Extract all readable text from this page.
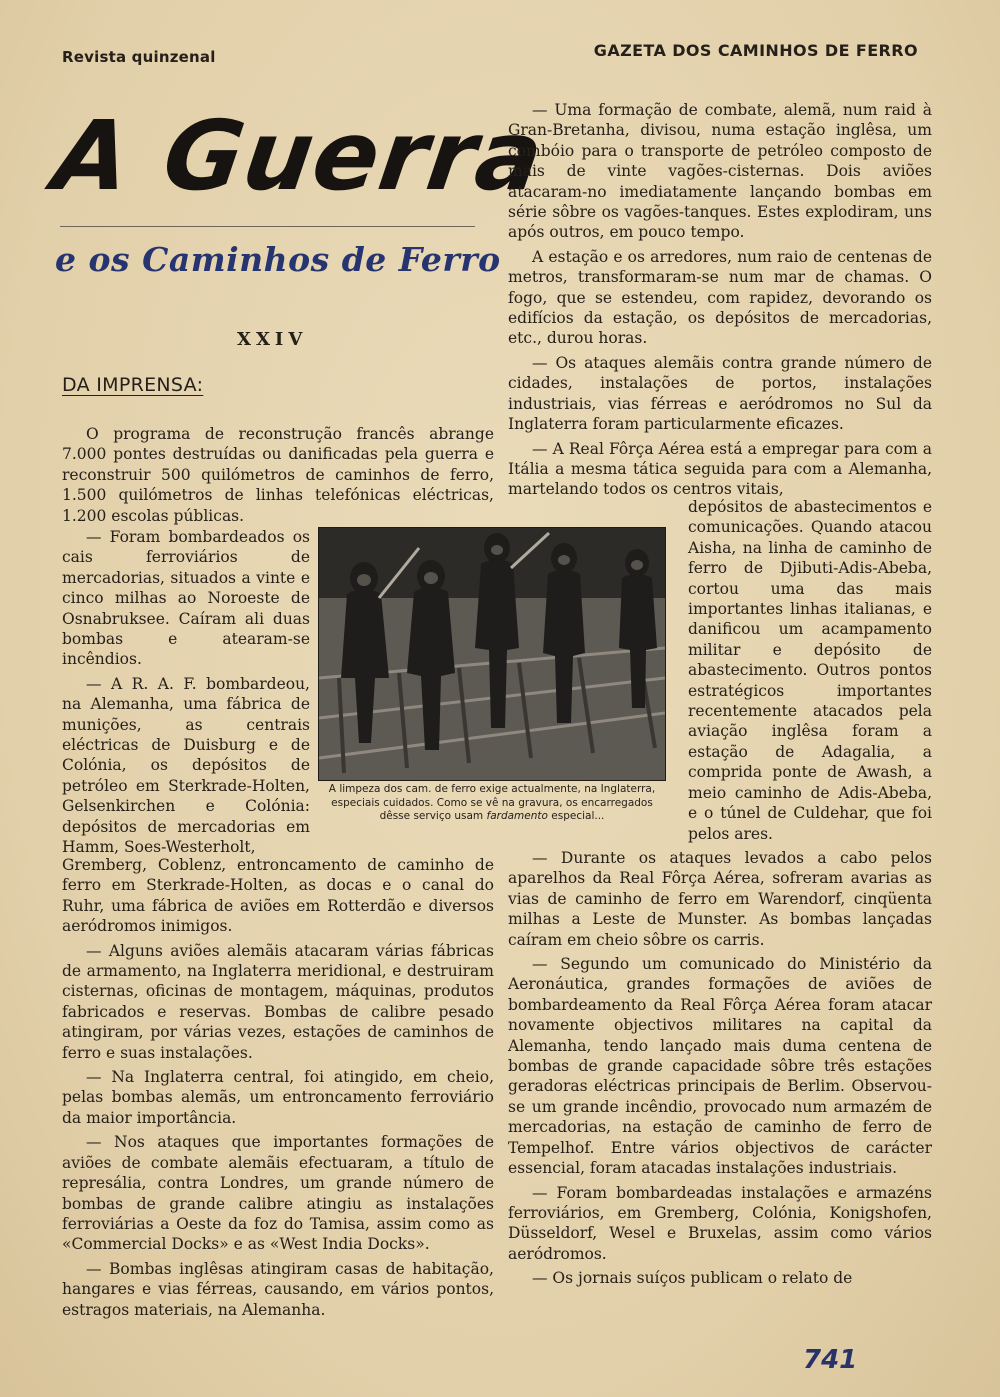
Revista quinzenal	GAZETA DOS CAMINHOS DE FERRO
A Guerra
e os Caminhos de Ferro
XXIV
DA IMPRENSA:

O programa de reconstrução francês abrange 7.000 pontes destruídas ou danificadas pela guerra e reconstruir 500 quilómetros de caminhos de ferro, 1.500 quilómetros de linhas telefónicas eléctricas, 1.200 escolas públicas.

— Foram bombardeados os cais ferroviários de mercadorias, situados a vinte e cinco milhas ao Noroeste de Osnabruksee. Caíram ali duas bombas e atearam-se incêndios.

— A R. A. F. bombardeou, na Alemanha, uma fábrica de munições, as centrais eléctricas de Duisburg e de Colónia, os depósitos de petróleo em Sterkrade-Holten, Gelsenkirchen e Colónia: depósitos de mercadorias em Hamm, Soes-Westerholt,

Gremberg, Coblenz, entroncamento de caminho de ferro em Sterkrade-Holten, as docas e o canal do Ruhr, uma fábrica de aviões em Rotterdão e diversos aeródromos inimigos.

— Alguns aviões alemãis atacaram várias fábricas de armamento, na Inglaterra meridional, e destruiram cisternas, oficinas de montagem, máquinas, produtos fabricados e reservas. Bombas de calibre pesado atingiram, por várias vezes, estações de caminhos de ferro e suas instalações.

— Na Inglaterra central, foi atingido, em cheio, pelas bombas alemãs, um entroncamento ferroviário da maior importância.

— Nos ataques que importantes formações de aviões de combate alemãis efectuaram, a título de represália, contra Londres, um grande número de bombas de grande calibre atingiu as instalações ferroviárias a Oeste da foz do Tamisa, assim como as «Commercial Docks» e as «West India Docks».

— Bombas inglêsas atingiram casas de habitação, hangares e vias férreas, causando, em vários pontos, estragos materiais, na Alemanha.

A limpeza dos cam. de ferro exige actualmente, na Inglaterra, especiais cuidados. Como se vê na gravura, os encarregados dêsse serviço usam fardamento especial...

— Uma formação de combate, alemã, num raid à Gran-Bretanha, divisou, numa estação inglêsa, um combóio para o transporte de petróleo composto de mais de vinte vagões-cisternas. Dois aviões atacaram-no imediatamente lançando bombas em série sôbre os vagões-tanques. Estes explodiram, uns após outros, em pouco tempo.

A estação e os arredores, num raio de centenas de metros, transformaram-se num mar de chamas. O fogo, que se estendeu, com rapidez, devorando os edifícios da estação, os depósitos de mercadorias, etc., durou horas.

— Os ataques alemãis contra grande número de cidades, instalações de portos, instalações industriais, vias férreas e aeródromos no Sul da Inglaterra foram particularmente eficazes.

— A Real Fôrça Aérea está a empregar para com a Itália a mesma tática seguida para com a Alemanha, martelando todos os centros vitais,

depósitos de abastecimentos e comunicações. Quando atacou Aisha, na linha de caminho de ferro de Djibuti-Adis-Abeba, cortou uma das mais importantes linhas italianas, e danificou um acampamento militar e depósito de abastecimento. Outros pontos estratégicos importantes recentemente atacados pela aviação inglêsa foram a estação de Adagalia, a comprida ponte de Awash, a meio caminho de Adis-Abeba, e o túnel de Culdehar, que foi pelos ares.

— Durante os ataques levados a cabo pelos aparelhos da Real Fôrça Aérea, sofreram avarias as vias de caminho de ferro em Warendorf, cinqüenta milhas a Leste de Munster. As bombas lançadas caíram em cheio sôbre os carris.

— Segundo um comunicado do Ministério da Aeronáutica, grandes formações de aviões de bombardeamento da Real Fôrça Aérea foram atacar novamente objectivos militares na capital da Alemanha, tendo lançado mais duma centena de bombas de grande capacidade sôbre três estações geradoras eléctricas principais de Berlim. Observou-se um grande incêndio, provocado num armazém de mercadorias, na estação de caminho de ferro de Tempelhof. Entre vários objectivos de carácter essencial, foram atacadas instalações industriais.

— Foram bombardeadas instalações e armazéns ferroviários, em Gremberg, Colónia, Konigshofen, Düsseldorf, Wesel e Bruxelas, assim como vários aeródromos.

— Os jornais suíços publicam o relato de

741
